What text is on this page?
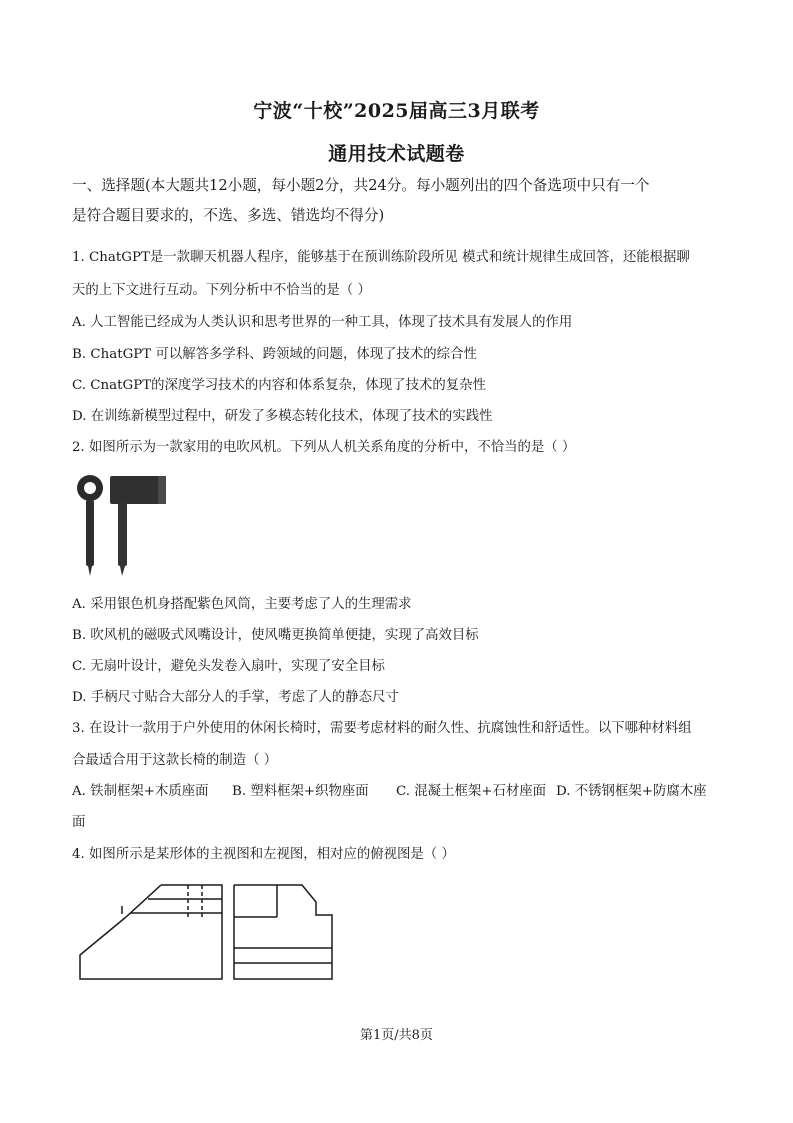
宁波“十校”2025届高三3月联考
通用技术试题卷
一、选择题(本大题共12小题，每小题2分，共24分。每小题列出的四个备选项中只有一个
是符合题目要求的，不选、多选、错选均不得分)
1. ChatGPT是一款聊天机器人程序，能够基于在预训练阶段所见 模式和统计规律生成回答，还能根据聊
天的上下文进行互动。下列分析中不恰当的是（ ）
A. 人工智能已经成为人类认识和思考世界的一种工具，体现了技术具有发展人的作用
B. ChatGPT 可以解答多学科、跨领域的问题，体现了技术的综合性
C. CnatGPT的深度学习技术的内容和体系复杂，体现了技术的复杂性
D. 在训练新模型过程中，研发了多模态转化技术，体现了技术的实践性
2. 如图所示为一款家用的电吹风机。下列从人机关系角度的分析中，不恰当的是（ ）
A. 采用银色机身搭配紫色风筒，主要考虑了人的生理需求
B. 吹风机的磁吸式风嘴设计，使风嘴更换简单便捷，实现了高效目标
C. 无扇叶设计，避免头发卷入扇叶，实现了安全目标
D. 手柄尺寸贴合大部分人的手掌，考虑了人的静态尺寸
3. 在设计一款用于户外使用的休闲长椅时，需要考虑材料的耐久性、抗腐蚀性和舒适性。以下哪种材料组
合最适合用于这款长椅的制造（ ）
A. 铁制框架+木质座面 B. 塑料框架+织物座面 C. 混凝土框架+石材座面 D. 不锈钢框架+防腐木座
面
4. 如图所示是某形体的主视图和左视图，相对应的俯视图是（ ）
第1页/共8页
